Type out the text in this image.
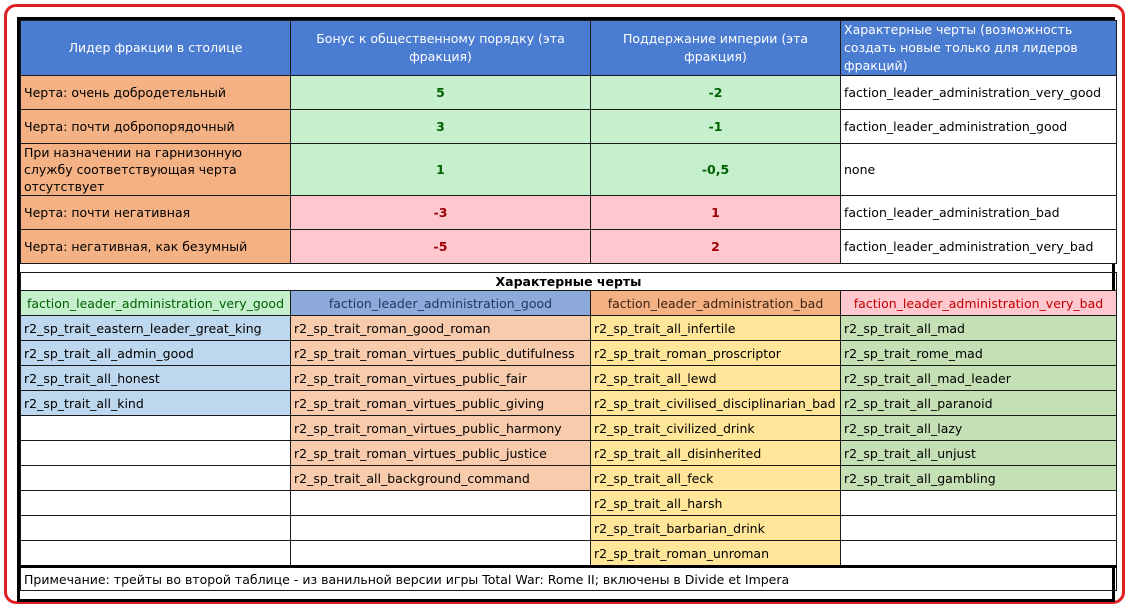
Лидер фракции в столице	Бонус к общественному порядку (эта фракция)	Поддержание империи (эта фракция)	Характерные черты (возможность создать новые только для лидеров фракций)
Черта: очень добродетельный	5	-2	faction_leader_administration_very_good
Черта: почти добропорядочный	3	-1	faction_leader_administration_good
При назначении на гарнизонную службу соответствующая черта отсутствует	1	-0,5	none
Черта: почти негативная	-3	1	faction_leader_administration_bad
Черта: негативная, как безумный	-5	2	faction_leader_administration_very_bad

Характерные черты			
faction_leader_administration_very_good	faction_leader_administration_good	faction_leader_administration_bad	faction_leader_administration_very_bad
r2_sp_trait_eastern_leader_great_king	r2_sp_trait_roman_good_roman	r2_sp_trait_all_infertile	r2_sp_trait_all_mad
r2_sp_trait_all_admin_good	r2_sp_trait_roman_virtues_public_dutifulness	r2_sp_trait_roman_proscriptor	r2_sp_trait_rome_mad
r2_sp_trait_all_honest	r2_sp_trait_roman_virtues_public_fair	r2_sp_trait_all_lewd	r2_sp_trait_all_mad_leader
r2_sp_trait_all_kind	r2_sp_trait_roman_virtues_public_giving	r2_sp_trait_civilised_disciplinarian_bad	r2_sp_trait_all_paranoid
	r2_sp_trait_roman_virtues_public_harmony	r2_sp_trait_civilized_drink	r2_sp_trait_all_lazy
	r2_sp_trait_roman_virtues_public_justice	r2_sp_trait_all_disinherited	r2_sp_trait_all_unjust
	r2_sp_trait_all_background_command	r2_sp_trait_all_feck	r2_sp_trait_all_gambling
		r2_sp_trait_all_harsh	
		r2_sp_trait_barbarian_drink	
		r2_sp_trait_roman_unroman	
Примечание: трейты во второй таблице - из ванильной версии игры Total War: Rome II; включены в Divide et Impera			
